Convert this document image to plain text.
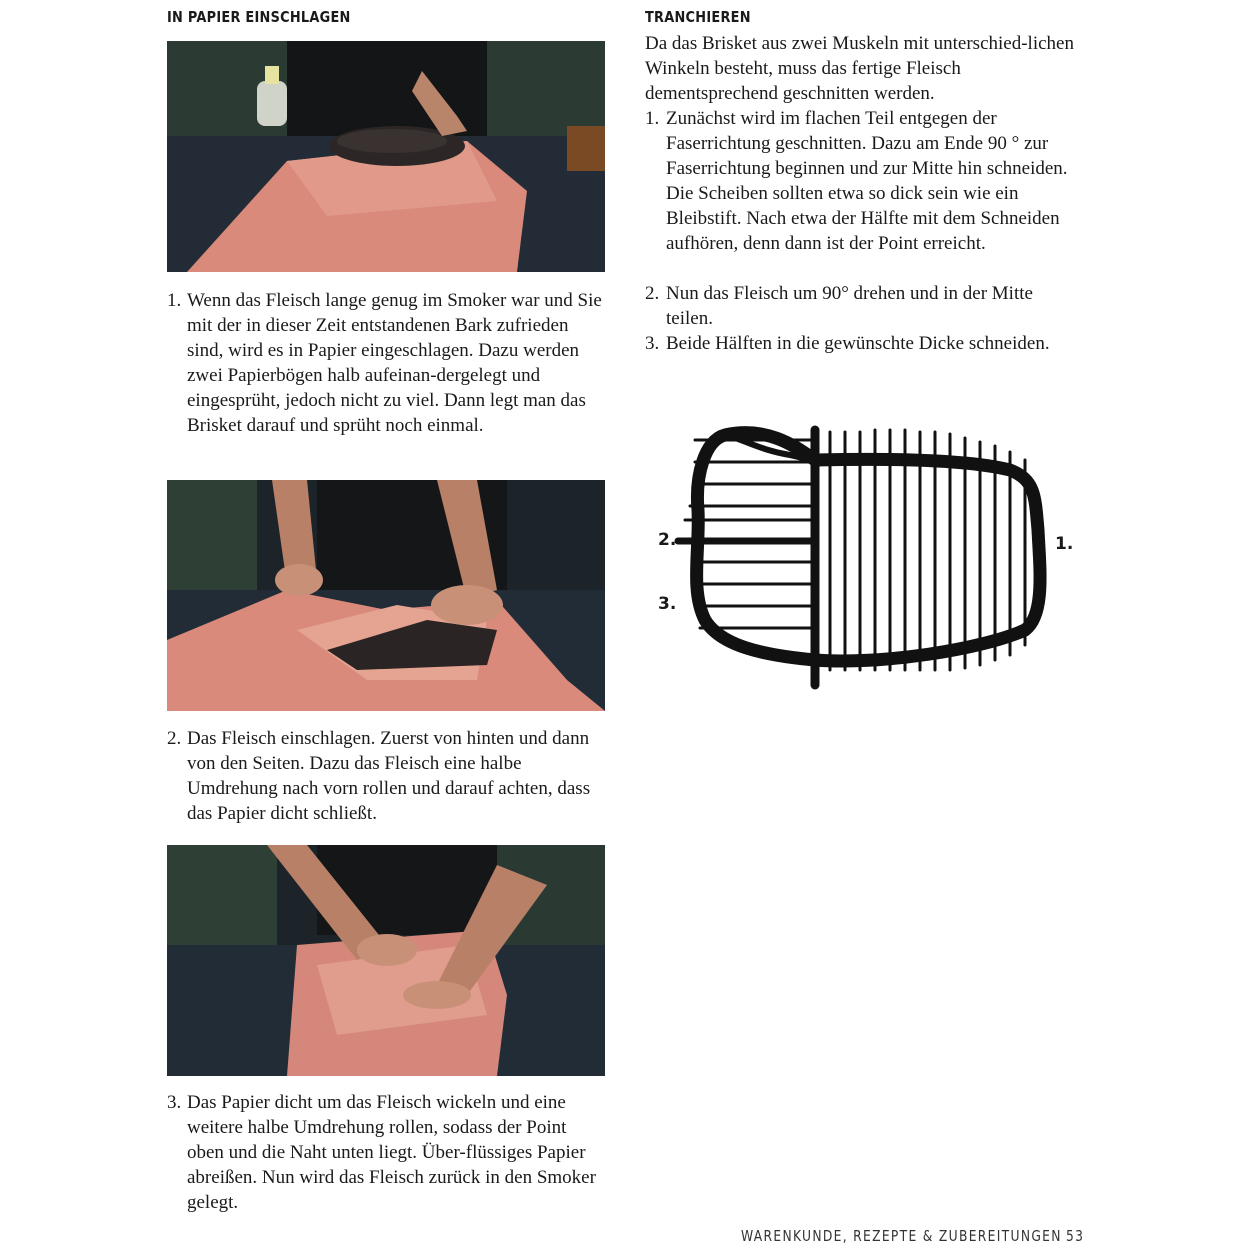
IN PAPIER EINSCHLAGEN
1. Wenn das Fleisch lange genug im Smoker war und Sie mit der in dieser Zeit entstandenen Bark zufrieden sind, wird es in Papier eingeschlagen. Dazu werden zwei Papierbögen halb aufeinan-dergelegt und eingesprüht, jedoch nicht zu viel. Dann legt man das Brisket darauf und sprüht noch einmal.
2. Das Fleisch einschlagen. Zuerst von hinten und dann von den Seiten. Dazu das Fleisch eine halbe Umdrehung nach vorn rollen und darauf achten, dass das Papier dicht schließt.
3. Das Papier dicht um das Fleisch wickeln und eine weitere halbe Umdrehung rollen, sodass der Point oben und die Naht unten liegt. Über-flüssiges Papier abreißen. Nun wird das Fleisch zurück in den Smoker gelegt.
TRANCHIEREN
Da das Brisket aus zwei Muskeln mit unterschied-lichen Winkeln besteht, muss das fertige Fleisch dementsprechend geschnitten werden.
1. Zunächst wird im flachen Teil entgegen der Faserrichtung geschnitten. Dazu am Ende 90 ° zur Faserrichtung beginnen und zur Mitte hin schneiden. Die Scheiben sollten etwa so dick sein wie ein Bleibstift. Nach etwa der Hälfte mit dem Schneiden aufhören, denn dann ist der Point erreicht.
2. Nun das Fleisch um 90° drehen und in der Mitte teilen.
3. Beide Hälften in die gewünschte Dicke schneiden.
2.
3.
1.
WARENKUNDE, REZEPTE & ZUBEREITUNGEN 53
